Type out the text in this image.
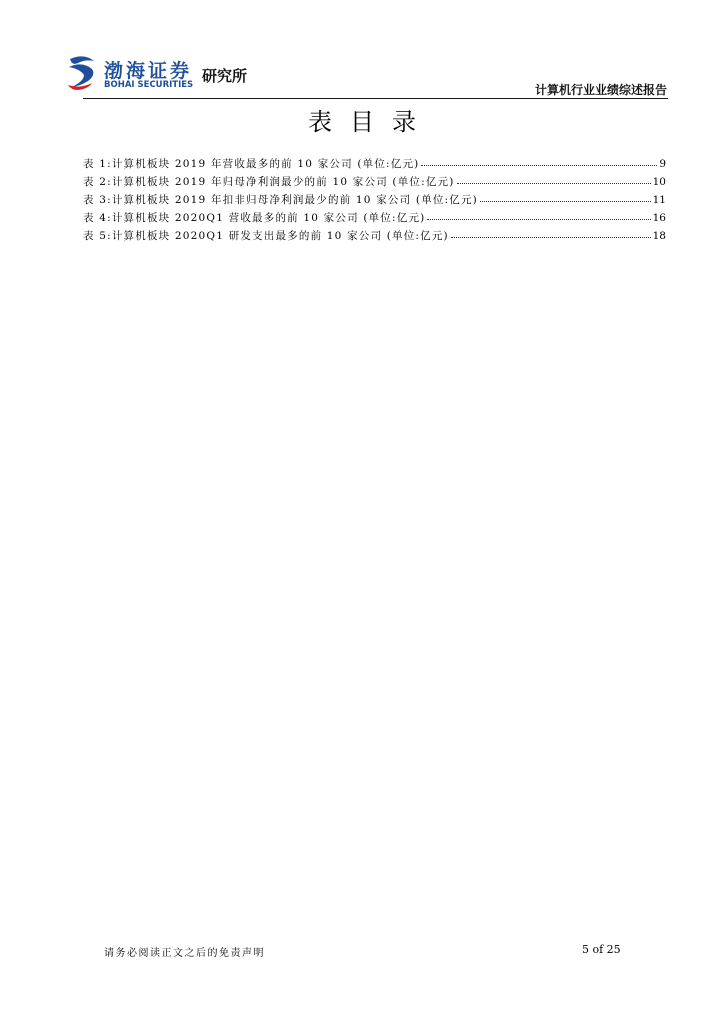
渤海证券
BOHAI SECURITIES 研究所
计算机行业业绩综述报告
表目录
表 1:计算机板块 2019 年营收最多的前 10 家公司 (单位:亿元)	9
表 2:计算机板块 2019 年归母净利润最少的前 10 家公司 (单位:亿元)	10
表 3:计算机板块 2019 年扣非归母净利润最少的前 10 家公司 (单位:亿元)	11
表 4:计算机板块 2020Q1 营收最多的前 10 家公司 (单位:亿元)	16
表 5:计算机板块 2020Q1 研发支出最多的前 10 家公司 (单位:亿元)	18
请务必阅读正文之后的免责声明	5 of 25
